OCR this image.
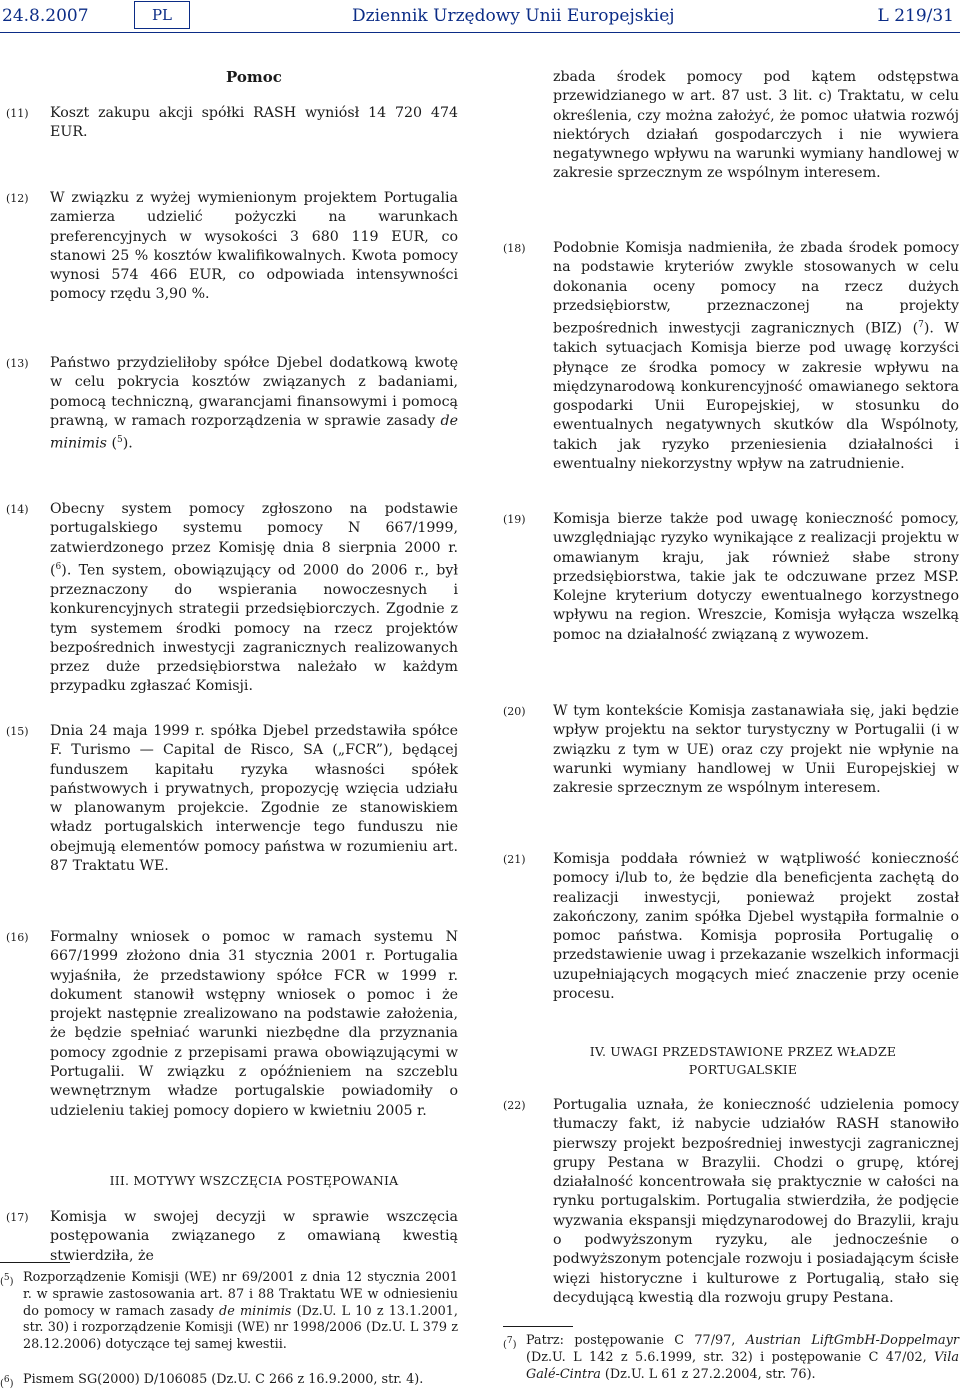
24.8.2007	PL	Dziennik Urzędowy Unii Europejskiej	L 219/31
Pomoc
(11) Koszt zakupu akcji spółki RASH wyniósł 14 720 474 EUR.
(12) W związku z wyżej wymienionym projektem Portugalia zamierza udzielić pożyczki na warunkach preferencyjnych w wysokości 3 680 119 EUR, co stanowi 25 % kosztów kwalifikowalnych. Kwota pomocy wynosi 574 466 EUR, co odpowiada intensywności pomocy rzędu 3,90 %.
(13) Państwo przydzieliłoby spółce Djebel dodatkową kwotę w celu pokrycia kosztów związanych z badaniami, pomocą techniczną, gwarancjami finansowymi i pomocą prawną, w ramach rozporządzenia w sprawie zasady de minimis ($^5$).
(14) Obecny system pomocy zgłoszono na podstawie portugalskiego systemu pomocy N 667/1999, zatwierdzonego przez Komisję dnia 8 sierpnia 2000 r. ($^6$). Ten system, obowiązujący od 2000 do 2006 r., był przeznaczony do wspierania nowoczesnych i konkurencyjnych strategii przedsiębiorczych. Zgodnie z tym systemem środki pomocy na rzecz projektów bezpośrednich inwestycji zagranicznych realizowanych przez duże przedsiębiorstwa należało w każdym przypadku zgłaszać Komisji.
(15) Dnia 24 maja 1999 r. spółka Djebel przedstawiła spółce F. Turismo — Capital de Risco, SA („FCR”), będącej funduszem kapitału ryzyka własności spółek państwowych i prywatnych, propozycję wzięcia udziału w planowanym projekcie. Zgodnie ze stanowiskiem władz portugalskich interwencje tego funduszu nie obejmują elementów pomocy państwa w rozumieniu art. 87 Traktatu WE.
(16) Formalny wniosek o pomoc w ramach systemu N 667/1999 złożono dnia 31 stycznia 2001 r. Portugalia wyjaśniła, że przedstawiony spółce FCR w 1999 r. dokument stanowił wstępny wniosek o pomoc i że projekt następnie zrealizowano na podstawie założenia, że będzie spełniać warunki niezbędne dla przyznania pomocy zgodnie z przepisami prawa obowiązującymi w Portugalii. W związku z opóźnieniem na szczeblu wewnętrznym władze portugalskie powiadomiły o udzieleniu takiej pomocy dopiero w kwietniu 2005 r.
III. MOTYWY WSZCZĘCIA POSTĘPOWANIA
(17) Komisja w swojej decyzji w sprawie wszczęcia postępowania związanego z omawianą kwestią stwierdziła, że
($^5$) Rozporządzenie Komisji (WE) nr 69/2001 z dnia 12 stycznia 2001 r. w sprawie zastosowania art. 87 i 88 Traktatu WE w odniesieniu do pomocy w ramach zasady de minimis (Dz.U. L 10 z 13.1.2001, str. 30) i rozporządzenie Komisji (WE) nr 1998/2006 (Dz.U. L 379 z 28.12.2006) dotyczące tej samej kwestii.
($^6$) Pismem SG(2000) D/106085 (Dz.U. C 266 z 16.9.2000, str. 4).
zbada środek pomocy pod kątem odstępstwa przewidzianego w art. 87 ust. 3 lit. c) Traktatu, w celu określenia, czy można założyć, że pomoc ułatwia rozwój niektórych działań gospodarczych i nie wywiera negatywnego wpływu na warunki wymiany handlowej w zakresie sprzecznym ze wspólnym interesem.
(18) Podobnie Komisja nadmieniła, że zbada środek pomocy na podstawie kryteriów zwykle stosowanych w celu dokonania oceny pomocy na rzecz dużych przedsiębiorstw, przeznaczonej na projekty bezpośrednich inwestycji zagranicznych (BIZ) ($^7$). W takich sytuacjach Komisja bierze pod uwagę korzyści płynące ze środka pomocy w zakresie wpływu na międzynarodową konkurencyjność omawianego sektora gospodarki Unii Europejskiej, w stosunku do ewentualnych negatywnych skutków dla Wspólnoty, takich jak ryzyko przeniesienia działalności i ewentualny niekorzystny wpływ na zatrudnienie.
(19) Komisja bierze także pod uwagę konieczność pomocy, uwzględniając ryzyko wynikające z realizacji projektu w omawianym kraju, jak również słabe strony przedsiębiorstwa, takie jak te odczuwane przez MSP. Kolejne kryterium dotyczy ewentualnego korzystnego wpływu na region. Wreszcie, Komisja wyłącza wszelką pomoc na działalność związaną z wywozem.
(20) W tym kontekście Komisja zastanawiała się, jaki będzie wpływ projektu na sektor turystyczny w Portugalii (i w związku z tym w UE) oraz czy projekt nie wpłynie na warunki wymiany handlowej w Unii Europejskiej w zakresie sprzecznym ze wspólnym interesem.
(21) Komisja poddała również w wątpliwość konieczność pomocy i/lub to, że będzie dla beneficjenta zachętą do realizacji inwestycji, ponieważ projekt został zakończony, zanim spółka Djebel wystąpiła formalnie o pomoc państwa. Komisja poprosiła Portugalię o przedstawienie uwag i przekazanie wszelkich informacji uzupełniających mogących mieć znaczenie przy ocenie procesu.
IV. UWAGI PRZEDSTAWIONE PRZEZ WŁADZE PORTUGALSKIE
(22) Portugalia uznała, że konieczność udzielenia pomocy tłumaczy fakt, iż nabycie udziałów RASH stanowiło pierwszy projekt bezpośredniej inwestycji zagranicznej grupy Pestana w Brazylii. Chodzi o grupę, której działalność koncentrowała się praktycznie w całości na rynku portugalskim. Portugalia stwierdziła, że podjęcie wyzwania ekspansji międzynarodowej do Brazylii, kraju o podwyższonym ryzyku, ale jednocześnie o podwyższonym potencjale rozwoju i posiadającym ścisłe więzi historyczne i kulturowe z Portugalią, stało się decydującą kwestią dla rozwoju grupy Pestana.
($^7$) Patrz: postępowanie C 77/97, Austrian LiftGmbH-Doppelmayr (Dz.U. L 142 z 5.6.1999, str. 32) i postępowanie C 47/02, Vila Galé-Cintra (Dz.U. L 61 z 27.2.2004, str. 76).
